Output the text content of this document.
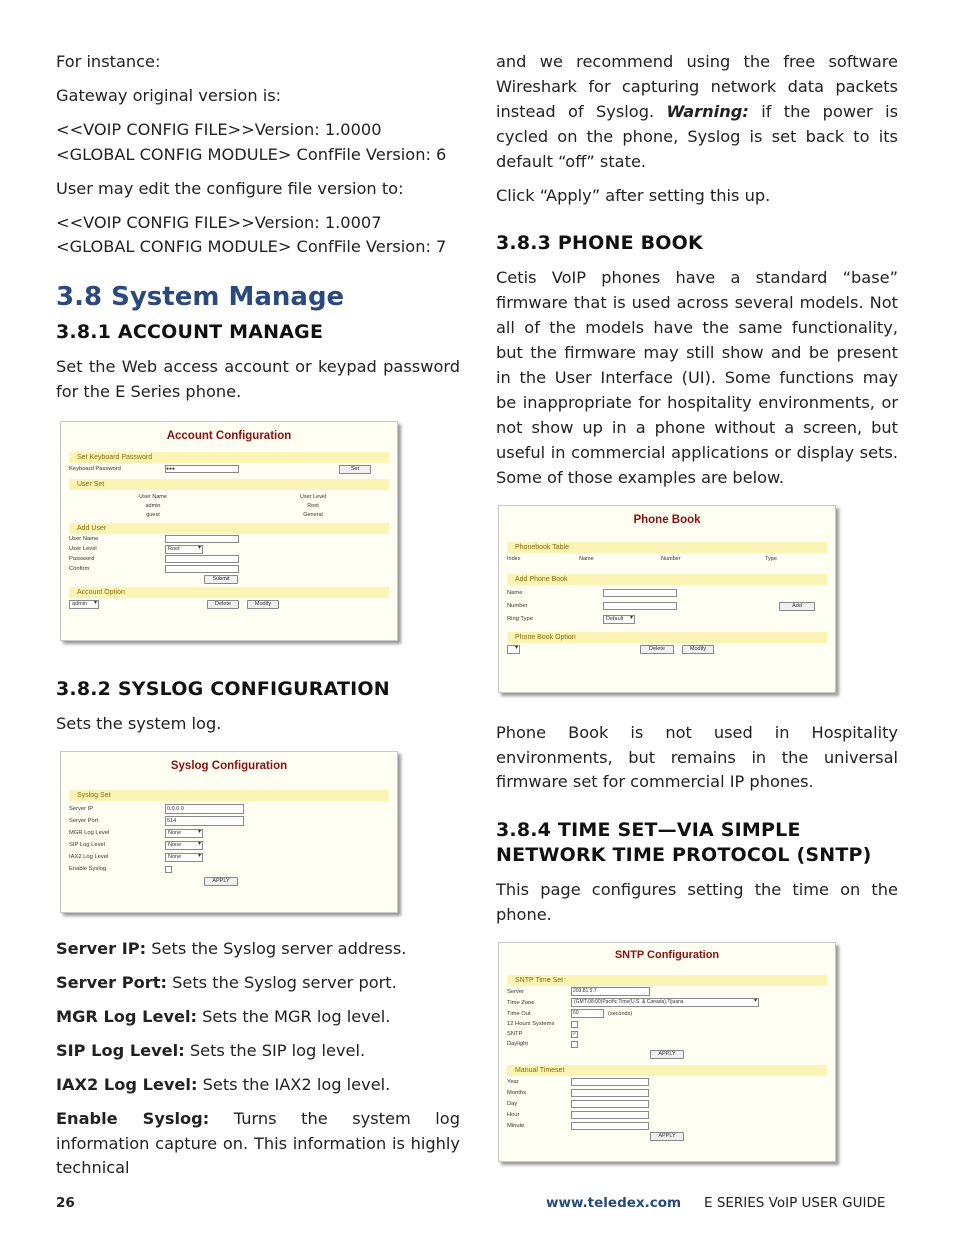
For instance:

Gateway original version is:

<<VOIP CONFIG FILE>>Version: 1.0000
<GLOBAL CONFIG MODULE> ConfFile Version: 6

User may edit the configure file version to:

<<VOIP CONFIG FILE>>Version: 1.0007
<GLOBAL CONFIG MODULE> ConfFile Version: 7

3.8 System Manage
3.8.1 ACCOUNT MANAGE

Set the Web access account or keypad password for the E Series phone.

Account Configuration
Set Keyboard Password
Keyboard Password	●●●	Set
User Set
User Name	User Level
admin	Root
guest	General
Add User
User Name
User Level	Root ▾
Password
Confirm
Submit
Account Option
admin ▾	Delete	Modify
3.8.2 SYSLOG CONFIGURATION

Sets the system log.

Syslog Configuration
Syslog Set
Server IP	0.0.0.0
Server Port	514
MGR Log Level	None ▾
SIP Log Level	None ▾
IAX2 Log Level	None ▾
Enable Syslog
APPLY

Server IP: Sets the Syslog server address.

Server Port: Sets the Syslog server port.

MGR Log Level: Sets the MGR log level.

SIP Log Level: Sets the SIP log level.

IAX2 Log Level: Sets the IAX2 log level.

Enable Syslog: Turns the system log information capture on. This information is highly technical

and we recommend using the free software Wireshark for capturing network data packets instead of Syslog. Warning: if the power is cycled on the phone, Syslog is set back to its default “off” state.

Click “Apply” after setting this up.

3.8.3 PHONE BOOK

Cetis VoIP phones have a standard “base” firmware that is used across several models. Not all of the models have the same functionality, but the firmware may still show and be present in the User Interface (UI). Some functions may be inappropriate for hospitality environments, or not show up in a phone without a screen, but useful in commercial applications or display sets. Some of those examples are below.

Phone Book
Phonebook Table
Index	Name	Number	Type
Add Phone Book
Name
Number	Add
Ring Type	Default ▾
Phone Book Option
▾
Delete	Modify

Phone Book is not used in Hospitality environments, but remains in the universal firmware set for commercial IP phones.

3.8.4 TIME SET—VIA SIMPLE NETWORK TIME PROTOCOL (SNTP)

This page configures setting the time on the phone.

SNTP Configuration
SNTP Time Set
Server	209.81.9.7
Time Zone	(GMT-08:00)Pacific Time(U.S. & Canada),Tijuana ▾
Time Out	60	(seconds)
12 Hours Systems
SNTP	✓
Daylight
APPLY
Manual Timeset
Year
Months
Day
Hour
Minute
APPLY
26	www.teledex.com E SERIES VoIP USER GUIDE
